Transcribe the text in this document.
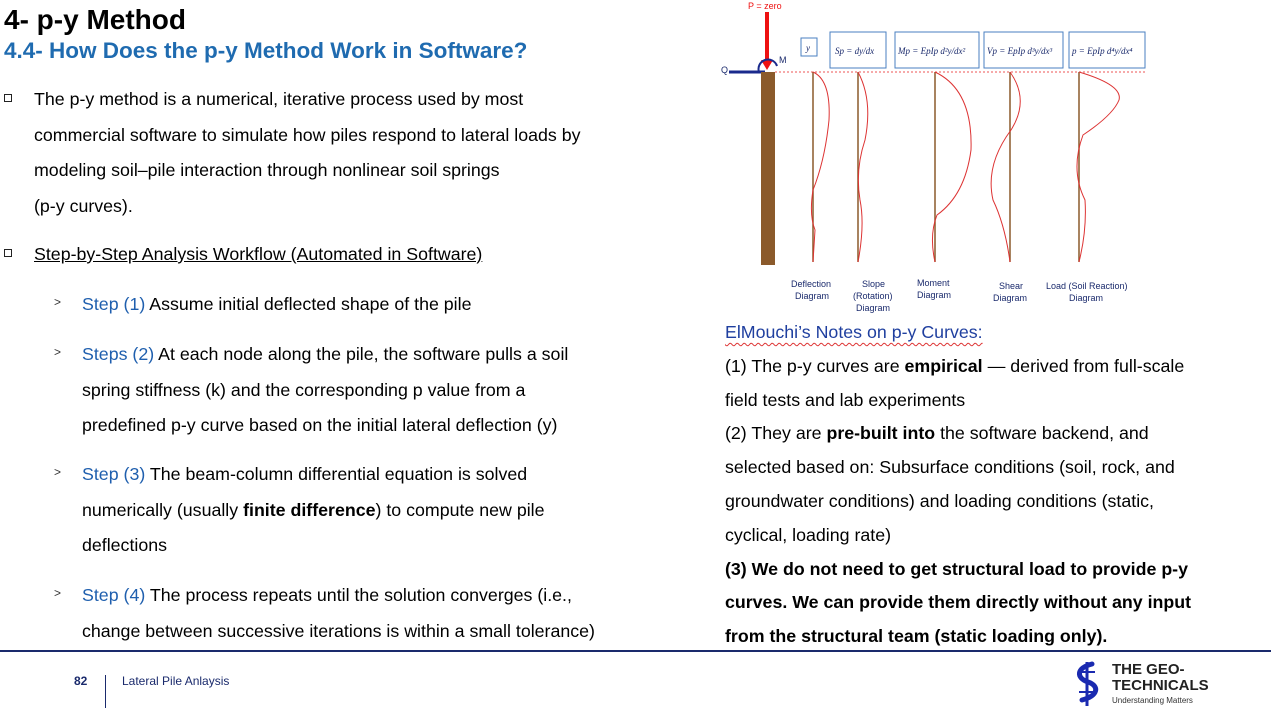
4- p-y Method
4.4- How Does the p-y Method Work in Software?
The p-y method is a numerical, iterative process used by most
commercial software to simulate how piles respond to lateral loads by
modeling soil–pile interaction through nonlinear soil springs
(p-y curves).
Step-by-Step Analysis Workflow (Automated in Software)
> Step (1) Assume initial deflected shape of the pile
> Steps (2) At each node along the pile, the software pulls a soil
spring stiffness (k) and the corresponding p value from a
predefined p-y curve based on the initial lateral deflection (y)
> Step (3) The beam-column differential equation is solved
numerically (usually finite difference) to compute new pile
deflections
> Step (4) The process repeats until the solution converges (i.e.,
change between successive iterations is within a small tolerance)
P = zero
Q
M
y	Sp = dy/dx	Mp = EpIp d²y/dx² Vp = EpIp d³y/dx³ p = EpIp d⁴y/dx⁴
Deflection
Diagram
Slope
(Rotation)
Diagram
Moment
Diagram
Shear
Diagram
Load (Soil Reaction)
Diagram
ElMouchi’s Notes on p-y Curves:
(1) The p-y curves are empirical — derived from full-scale
field tests and lab experiments
(2) They are pre-built into the software backend, and
selected based on: Subsurface conditions (soil, rock, and
groundwater conditions) and loading conditions (static,
cyclical, loading rate)
(3) We do not need to get structural load to provide p-y
curves. We can provide them directly without any input
from the structural team (static loading only).
82	Lateral Pile Anlaysis
THE GEO-
TECHNICALS
Understanding Matters
